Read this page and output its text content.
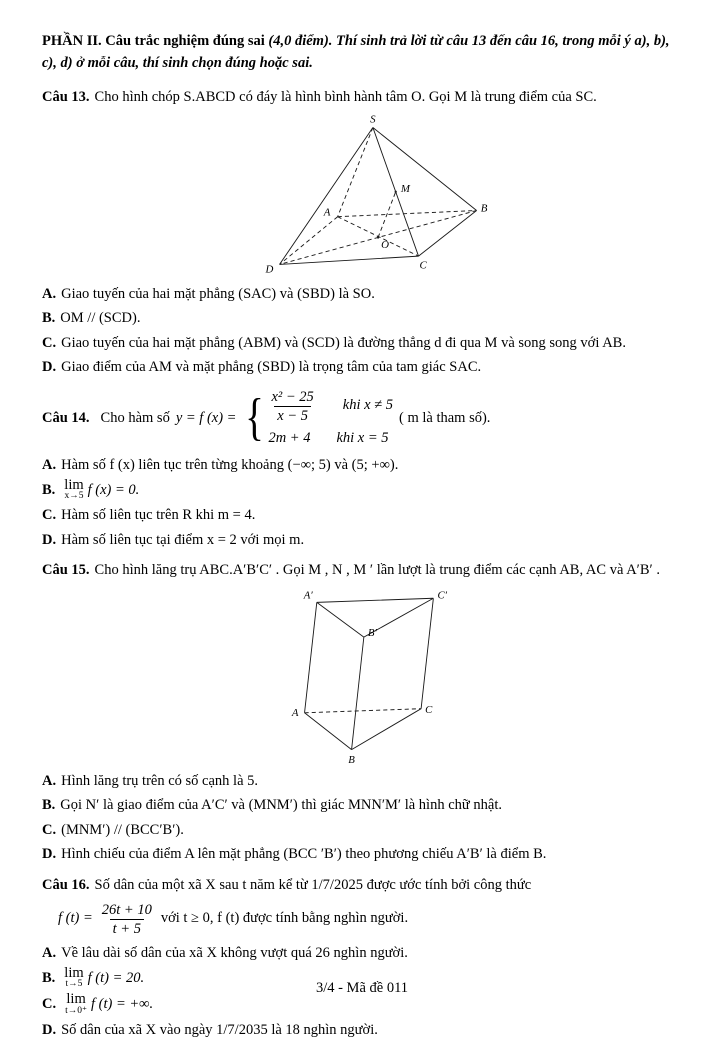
PHẦN II. Câu trắc nghiệm đúng sai (4,0 điểm). Thí sinh trả lời từ câu 13 đến câu 16, trong mỗi ý a), b), c), d) ở mỗi câu, thí sinh chọn đúng hoặc sai.

Câu 13. Cho hình chóp S.ABCD có đáy là hình bình hành tâm O. Gọi M là trung điểm của SC.

S
A	B
C
D
O
M
A. Giao tuyến của hai mặt phẳng (SAC) và (SBD) là SO.
B. OM // (SCD).
C. Giao tuyến của hai mặt phẳng (ABM) và (SCD) là đường thẳng d đi qua M và song song với AB.
D. Giao điểm của AM và mặt phẳng (SBD) là trọng tâm của tam giác SAC.
Câu 14. Cho hàm số y = f (x) = { $\frac{\text{x² − 25}}{x - 5}$ khi x ≠ 5
2m + 4 khi x = 5
( m là tham số).
A. Hàm số f (x) liên tục trên từng khoảng (−∞; 5) và (5; +∞).
B. lim
x→5 f (x) = 0.
C. Hàm số liên tục trên R khi m = 4.
D. Hàm số liên tục tại điểm x = 2 với mọi m.

Câu 15. Cho hình lăng trụ ABC.A′B′C′ . Gọi M , N , M ′ lần lượt là trung điểm các cạnh AB, AC và A′B′ .

A′	C′
B′
A	C
B
A. Hình lăng trụ trên có số cạnh là 5.
B. Gọi N′ là giao điểm của A′C′ và (MNM′) thì giác MNN′M′ là hình chữ nhật.
C. (MNM′) // (BCC′B′).
D. Hình chiếu của điểm A lên mặt phẳng (BCC ′B′) theo phương chiếu A′B′ là điểm B.

Câu 16. Số dân của một xã X sau t năm kể từ 1/7/2025 được ước tính bởi công thức

f $(t) = \frac{26t + 10}{t + 5}$ với t ≥ 0, f (t) được tính bằng nghìn người.
A. Về lâu dài số dân của xã X không vượt quá 26 nghìn người.
B. lim
t→5 f (t) = 20.
C. lim
t→0⁺ f (t) = +∞.
D. Số dân của xã X vào ngày 1/7/2035 là 18 nghìn người.
3/4 - Mã đề 011
